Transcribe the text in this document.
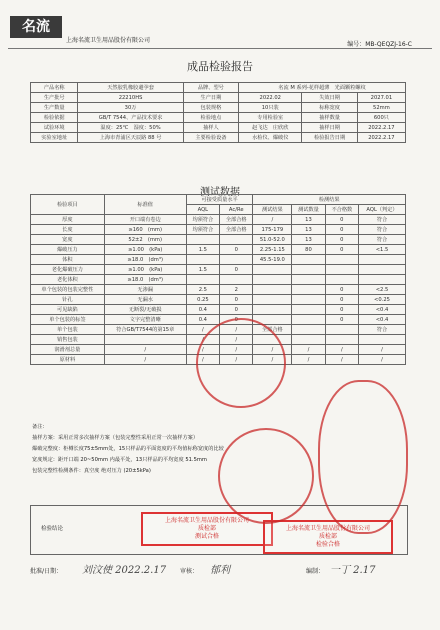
名流
上海名流卫生用品股份有限公司
编号：MB-QEQZJ-16-C
成品检验报告
产品名称	天然胶乳橡胶避孕套	品牌、型号	名流 M 系列-花样超薄　光面颗粒螺纹		
生产批号	22210HS	生产日期	2022.02	失效日期	2027.01
生产数量	30万	包装规格	10只装	标称宽度	52mm
检验依据	GB/T 7544、产品技术要求	检验地点	专用检验室	抽样数量	600只
试验环境	温度：25℃　湿度：50%	抽样人	赵飞达　庄欣欣	抽样日期	2022.2.17
实验室地址	上海市青浦区天辰路 88 号	主要检验设备	水检仪、爆破仪	检验报告日期	2022.2.17
测试数据
检验项目	标准值	可接受质量水平		检测结果			
		AQL	Ac/Re	测试结果	测试数量	不合格数	AQL（判定）
厚度	开口端有卷边	均须符合	全部合格	/	13	0	符合
长度	≥160　(mm)	均须符合	全部合格	175-179	13	0	符合
宽度	52±2　(mm)			51.0-52.0	13	0	符合
爆破压力	≥1.00　(kPa)	1.5	0	2.25-1.15	80	0	<1.5
体积	≥18.0　(dm³)			45.5-19.0			
老化爆破压力	≥1.00　(kPa)	1.5	0				
老化体积	≥18.0　(dm³)						
单个包装的包装完整性	无渗漏	2.5	2			0	<2.5
针孔	无漏水	0.25	0			0	<0.25
可见缺陷	无断裂/无破损	0.4	0			0	<0.4
单个包装的标签	文字完整清晰	0.4	0			0	<0.4
单个包装	符合GB/T7544的第15章	/	/	全部合格			符合
销售包装		/	/				
润滑剂总量	/	/	/	/	/	/	/
原材料	/	/	/	/	/	/	/
备注：
抽样方案：采用正常多次抽样方案（包装完整性采用正常一次抽样方案）
爆破完整度：柜樽长度75±5mm处，15只样品的平面宽度的平均值标称宽度的比较
宽度规定：距开口端 20~50mm 内最平处，13只样品的平均宽度 51.5mm
包装完整性检测条件：真空度 绝对压力 (20±5kPa)
检验结论
上海名流卫生用品股份有限公司
质检部
测试合格
上海名流卫生用品股份有限公司
质检部
检验合格
批准/日期： 刘汶使 2022.2.17 审核： 郁利	编制： 一丁 2.17
